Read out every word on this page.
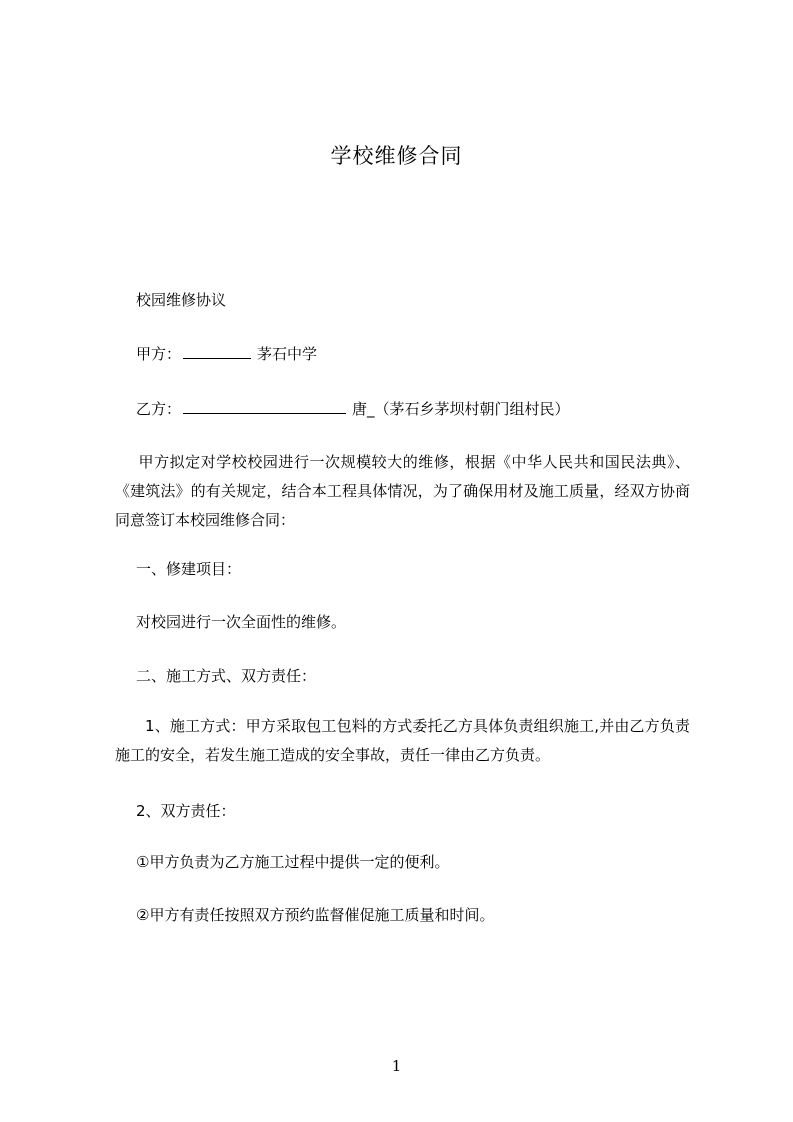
学校维修合同
校园维修协议
甲方：	茅石中学
乙方：	唐_（茅石乡茅坝村朝门组村民）
甲方拟定对学校校园进行一次规模较大的维修，根据《中华人民共和国民法典》、《建筑法》的有关规定，结合本工程具体情况，为了确保用材及施工质量，经双方协商同意签订本校园维修合同：
一、修建项目：
对校园进行一次全面性的维修。
二、施工方式、双方责任：
1、施工方式：甲方采取包工包料的方式委托乙方具体负责组织施工,并由乙方负责施工的安全，若发生施工造成的安全事故，责任一律由乙方负责。
2、双方责任：
①甲方负责为乙方施工过程中提供一定的便利。
②甲方有责任按照双方预约监督催促施工质量和时间。
1
